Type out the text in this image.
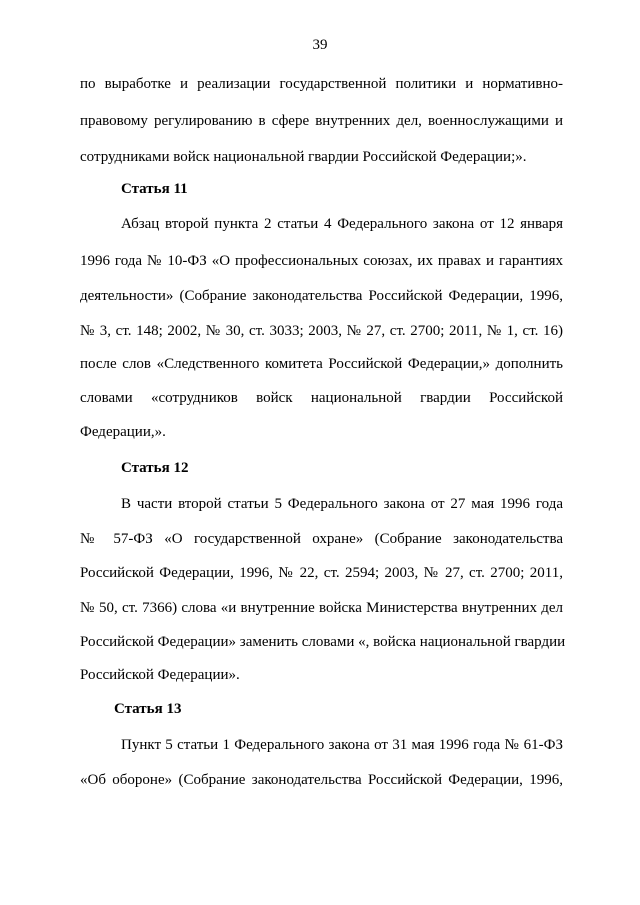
39
по выработке и реализации государственной политики и нормативно-
правовому регулированию в сфере внутренних дел, военнослужащими и
сотрудниками войск национальной гвардии Российской Федерации;».
Статья 11
Абзац второй пункта 2 статьи 4 Федерального закона от 12 января
1996 года № 10-ФЗ «О профессиональных союзах, их правах и гарантиях
деятельности» (Собрание законодательства Российской Федерации, 1996,
№ 3, ст. 148; 2002, № 30, ст. 3033; 2003, № 27, ст. 2700; 2011, № 1, ст. 16)
после слов «Следственного комитета Российской Федерации,» дополнить
словами «сотрудников войск национальной гвардии Российской
Федерации,».
Статья 12
В части второй статьи 5 Федерального закона от 27 мая 1996 года
№ 57-ФЗ «О государственной охране» (Собрание законодательства
Российской Федерации, 1996, № 22, ст. 2594; 2003, № 27, ст. 2700; 2011,
№ 50, ст. 7366) слова «и внутренние войска Министерства внутренних дел
Российской Федерации» заменить словами «, войска национальной гвардии
Российской Федерации».
Статья 13
Пункт 5 статьи 1 Федерального закона от 31 мая 1996 года № 61-ФЗ
«Об обороне» (Собрание законодательства Российской Федерации, 1996,
